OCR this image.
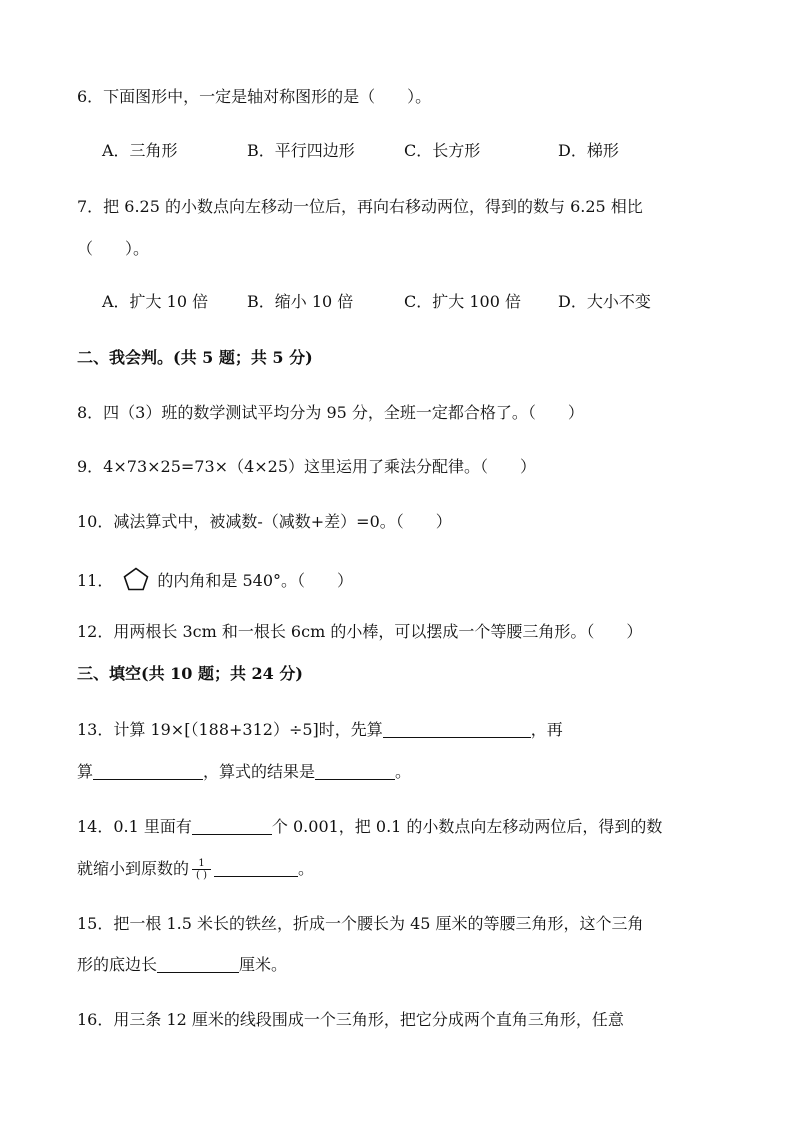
6．下面图形中，一定是轴对称图形的是（　　）。
A．三角形	B．平行四边形	C．长方形	D．梯形
7．把 6.25 的小数点向左移动一位后，再向右移动两位，得到的数与 6.25 相比
（　　）。
A．扩大 10 倍 B．缩小 10 倍	C．扩大 100 倍 D．大小不变
二、我会判。(共 5 题；共 5 分)
8．四（3）班的数学测试平均分为 95 分，全班一定都合格了。（　　）
9．4×73×25=73×（4×25）这里运用了乘法分配律。（　　）
10．减法算式中，被减数-（减数+差）=0。（　　）
11．	的内角和是 540°。（　　）
12．用两根长 3cm 和一根长 6cm 的小棒，可以摆成一个等腰三角形。（　　）
三、填空(共 10 题；共 24 分)
13．计算 19×[（188+312）÷5]时，先算	，再
算	，算式的结果是	。
14．0.1 里面有	个 0.001，把 0.1 的小数点向左移动两位后，得到的数
就缩小到原数的 $\frac{1}{( )}$	。
15．把一根 1.5 米长的铁丝，折成一个腰长为 45 厘米的等腰三角形，这个三角
形的底边长	厘米。
16．用三条 12 厘米的线段围成一个三角形，把它分成两个直角三角形，任意
